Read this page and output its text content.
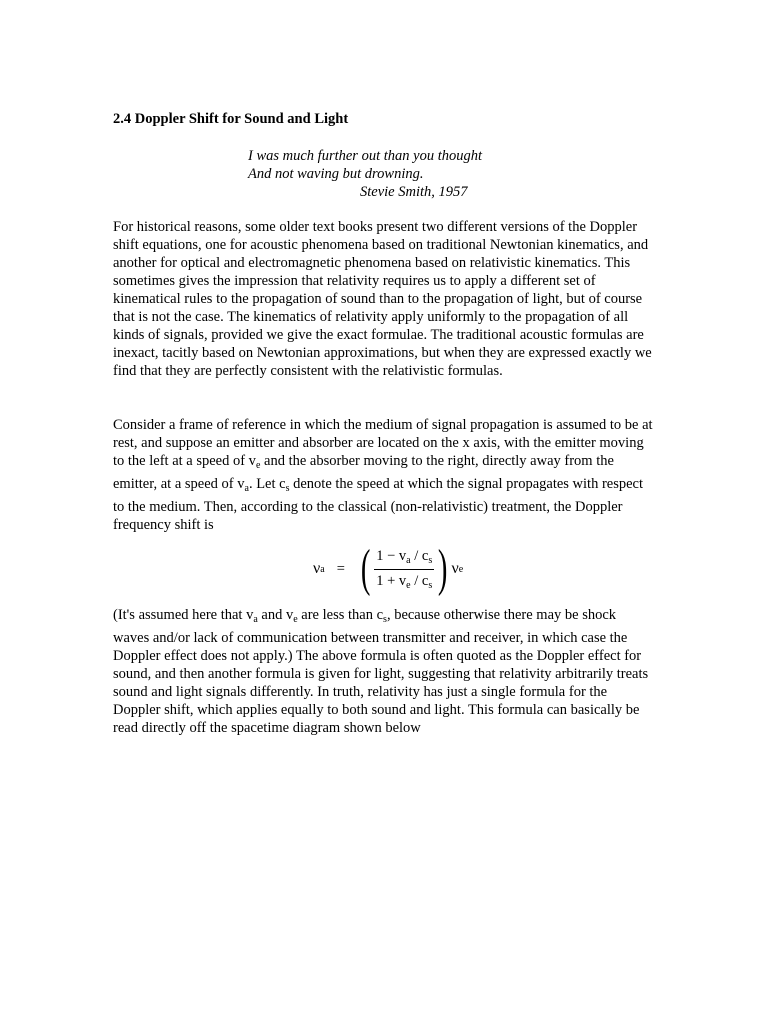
2.4 Doppler Shift for Sound and Light
I was much further out than you thought
And not waving but drowning.
Stevie Smith, 1957

For historical reasons, some older text books present two different versions of the Doppler shift equations, one for acoustic phenomena based on traditional Newtonian kinematics, and another for optical and electromagnetic phenomena based on relativistic kinematics. This sometimes gives the impression that relativity requires us to apply a different set of kinematical rules to the propagation of sound than to the propagation of light, but of course that is not the case. The kinematics of relativity apply uniformly to the propagation of all kinds of signals, provided we give the exact formulae. The traditional acoustic formulas are inexact, tacitly based on Newtonian approximations, but when they are expressed exactly we find that they are perfectly consistent with the relativistic formulas.

Consider a frame of reference in which the medium of signal propagation is assumed to be at rest, and suppose an emitter and absorber are located on the x axis, with the emitter moving to the left at a speed of $v_e$ and the absorber moving to the right, directly away from the emitter, at a speed of $v_a$. Let $c_s$ denote the speed at which the signal propagates with respect to the medium. Then, according to the classical (non-relativistic) treatment, the Doppler frequency shift is

ν a = ( $\frac{1 - v_a / c_s}{1 + v_e / c_s}$ ) ν e

(It's assumed here that $v_a$ and $v_e$ are less than $c_s$, because otherwise there may be shock waves and/or lack of communication between transmitter and receiver, in which case the Doppler effect does not apply.) The above formula is often quoted as the Doppler effect for sound, and then another formula is given for light, suggesting that relativity arbitrarily treats sound and light signals differently. In truth, relativity has just a single formula for the Doppler shift, which applies equally to both sound and light. This formula can basically be read directly off the spacetime diagram shown below
